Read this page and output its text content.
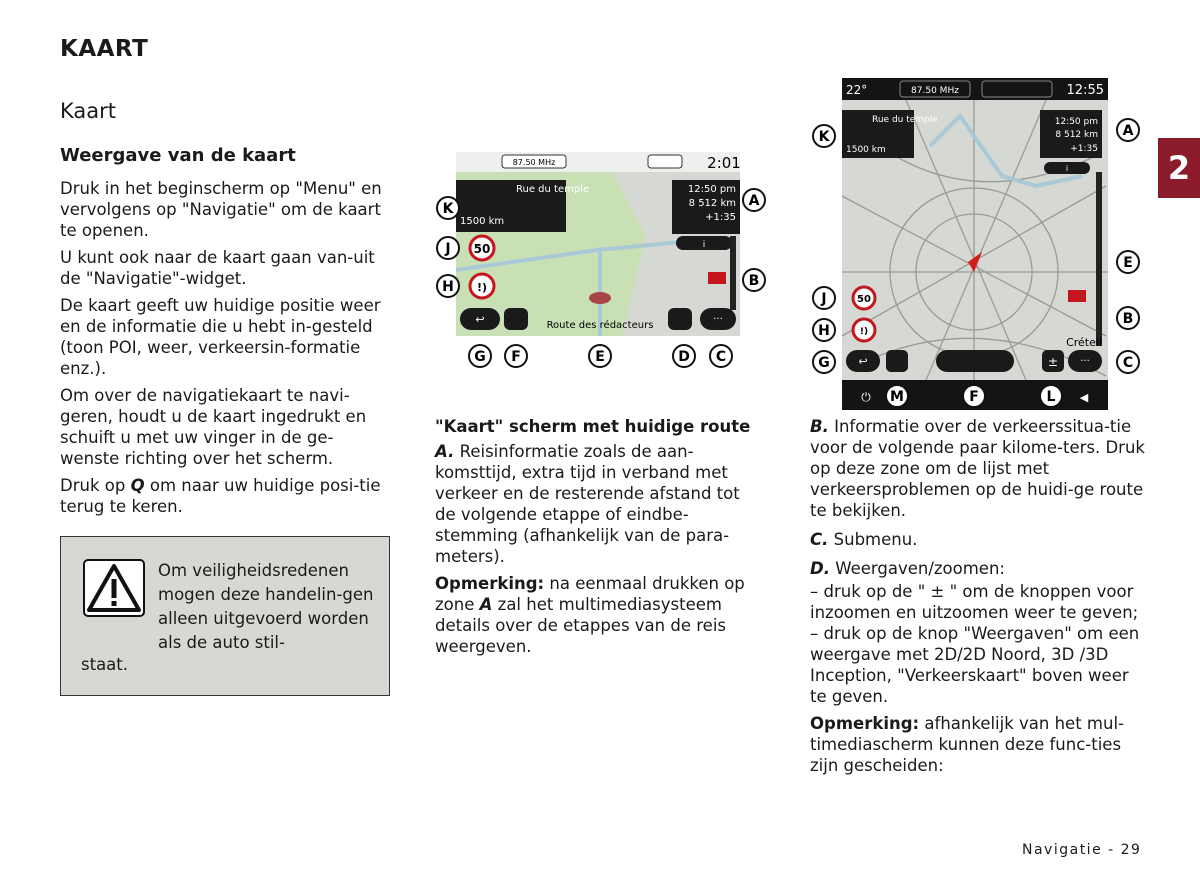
KAART
Kaart
Weergave van de kaart

Druk in het beginscherm op "Menu" en vervolgens op "Navigatie" om de kaart te openen.

U kunt ook naar de kaart gaan van-uit de "Navigatie"-widget.

De kaart geeft uw huidige positie weer en de informatie die u hebt in-gesteld (toon POI, weer, verkeersin-formatie enz.).

Om over de navigatiekaart te navi-geren, houdt u de kaart ingedrukt en schuift u met uw vinger in de ge-wenste richting over het scherm.

Druk op Q om naar uw huidige posi-tie terug te keren.

Om veiligheidsredenen mogen deze handelin-gen alleen uitgevoerd worden als de auto stil-
staat.
87.50 MHz	2:01
Rue du temple
1500 km
12:50 pm
8 512 km
+1:35
i
50
!)
Route des rédacteurs
↩	···
A
B
C
D
E
F
G
H
J
K
22°	87.50 MHz	12:55
Rue du temple
1500 km
12:50 pm
8 512 km
+1:35
i
50
!)
Créteil
↩	± ···
⏻	◀
A
B
C
E
F
G
H
J
K
L
M
"Kaart" scherm met huidige route

A. Reisinformatie zoals de aan-komsttijd, extra tijd in verband met verkeer en de resterende afstand tot de volgende etappe of eindbe-stemming (afhankelijk van de para-meters).

Opmerking: na eenmaal drukken op zone A zal het multimediasysteem details over de etappes van de reis weergeven.

B. Informatie over de verkeerssitua-tie voor de volgende paar kilome-ters. Druk op deze zone om de lijst met verkeersproblemen op de huidi-ge route te bekijken.

C. Submenu.

D. Weergaven/zoomen:

– druk op de " ± " om de knoppen voor inzoomen en uitzoomen weer te geven;

– druk op de knop "Weergaven" om een weergave met 2D/2D Noord, 3D /3D Inception, "Verkeerskaart" boven weer te geven.

Opmerking: afhankelijk van het mul-timediascherm kunnen deze func-ties zijn gescheiden:

2
Navigatie - 29
